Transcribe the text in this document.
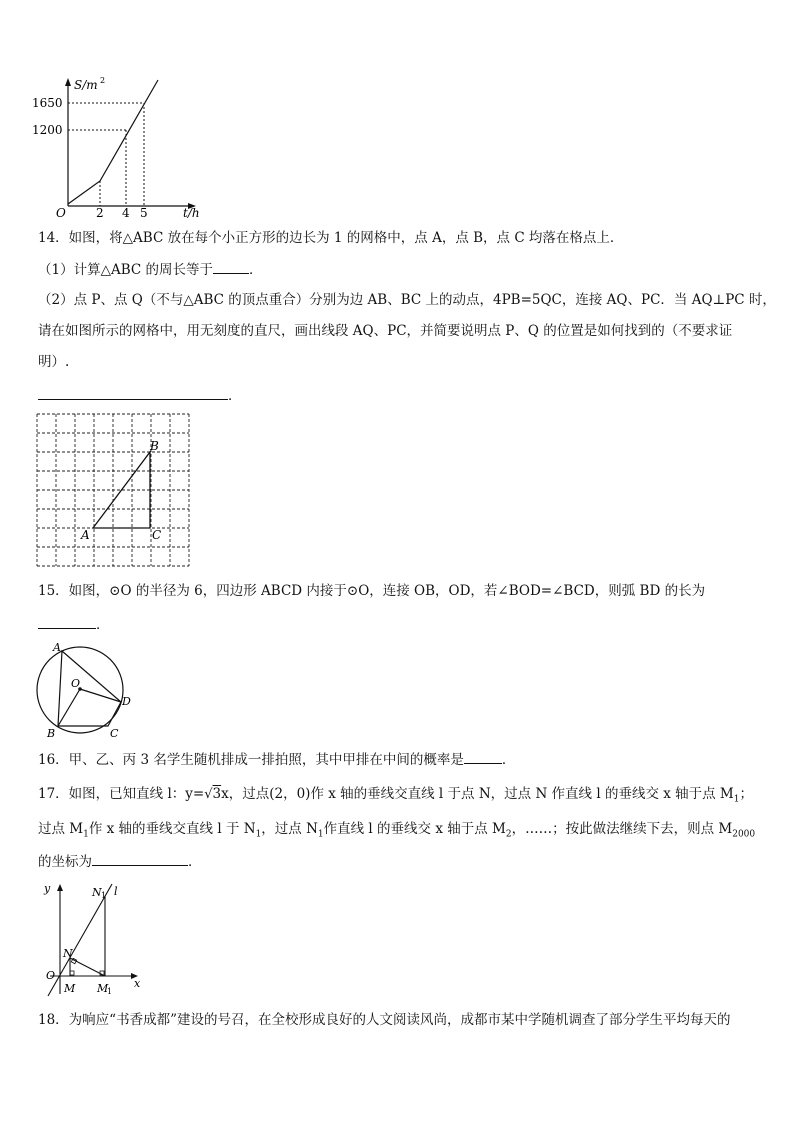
S/m 2
1650
1200
O	2 4 5	t/h
14．如图，将△ABC 放在每个小正方形的边长为 1 的网格中，点 A，点 B，点 C 均落在格点上．
（1）计算△ABC 的周长等于	．
（2）点 P、点 Q（不与△ABC 的顶点重合）分别为边 AB、BC 上的动点，4PB=5QC，连接 AQ、PC．当 AQ⊥PC 时，
请在如图所示的网格中，用无刻度的直尺，画出线段 AQ、PC，并简要说明点 P、Q 的位置是如何找到的（不要求证
明）.
．
A
B
C
15．如图，⊙O 的半径为 6，四边形 ABCD 内接于⊙O，连接 OB，OD，若∠BOD=∠BCD，则弧 BD 的长为
．
A
O
D
B	C
16．甲、乙、丙 3 名学生随机排成一排拍照，其中甲排在中间的概率是	．
17．如图，已知直线 l：y=√3x，过点(2，0)作 x 轴的垂线交直线 l 于点 N，过点 N 作直线 l 的垂线交 x 轴于点 $M_1$；
过点 $M_1$作 x 轴的垂线交直线 l 于 $N_1$，过点 $N_1$作直线 l 的垂线交 x 轴于点 $M_2$，……；按此做法继续下去，则点 $M_{2000}$
的坐标为	．
y
x
O
N
N 1 l
M M
1
18．为响应“书香成都”建设的号召，在全校形成良好的人文阅读风尚，成都市某中学随机调查了部分学生平均每天的
